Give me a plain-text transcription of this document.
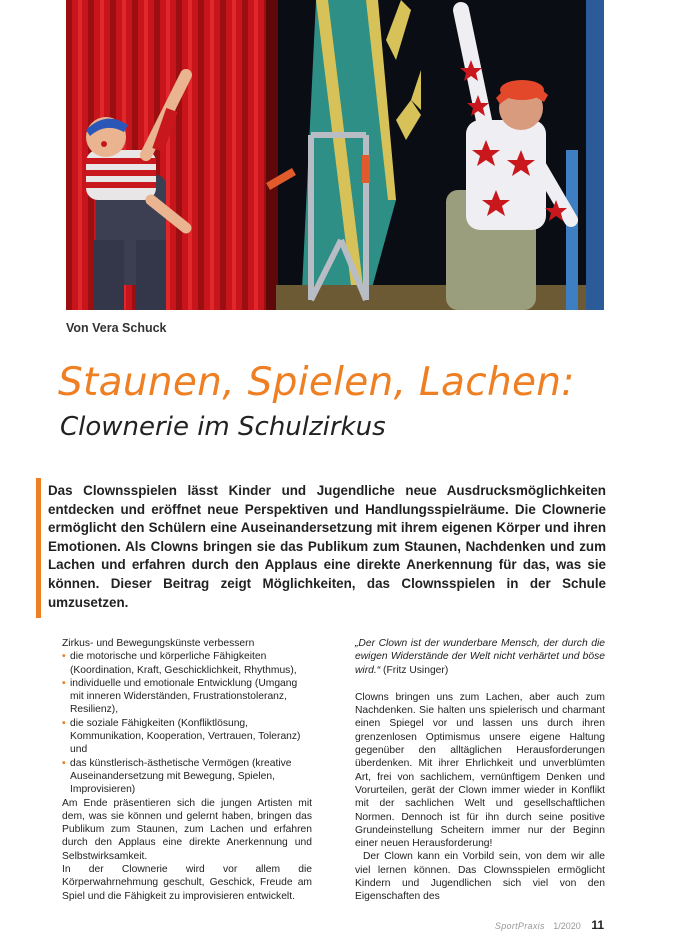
Von Vera Schuck
Staunen, Spielen, Lachen:
Clownerie im Schulzirkus

Das Clownsspielen lässt Kinder und Jugendliche neue Ausdrucksmöglichkeiten entdecken und eröffnet neue Perspektiven und Handlungsspielräume. Die Clownerie ermöglicht den Schülern eine Auseinandersetzung mit ihrem eigenen Körper und ihren Emotionen. Als Clowns bringen sie das Publikum zum Staunen, Nachdenken und zum Lachen und erfahren durch den Applaus eine direkte Anerkennung für das, was sie können. Dieser Beitrag zeigt Möglichkeiten, das Clownsspielen in der Schule umzusetzen.

Zirkus- und Bewegungskünste verbessern

• die motorische und körperliche Fähigkeiten (Koordination, Kraft, Geschicklichkeit, Rhythmus),
• individuelle und emotionale Entwicklung (Umgang mit inneren Widerständen, Frustrationstoleranz, Resilienz),
• die soziale Fähigkeiten (Konfliktlösung, Kommunikation, Kooperation, Vertrauen, Toleranz) und
• das künstlerisch-ästhetische Vermögen (kreative Auseinandersetzung mit Bewegung, Spielen, Improvisieren)

Am Ende präsentieren sich die jungen Artisten mit dem, was sie können und gelernt haben, bringen das Publikum zum Staunen, zum Lachen und erfahren durch den Applaus eine direkte Anerkennung und Selbstwirksamkeit.

In der Clownerie wird vor allem die Körperwahrnehmung geschult, Geschick, Freude am Spiel und die Fähigkeit zu improvisieren entwickelt.

„Der Clown ist der wunderbare Mensch, der durch die ewigen Widerstände der Welt nicht verhärtet und böse wird.“ (Fritz Usinger)

Clowns bringen uns zum Lachen, aber auch zum Nachdenken. Sie halten uns spielerisch und charmant einen Spiegel vor und lassen uns durch ihren grenzenlosen Optimismus unsere eigene Haltung gegenüber den alltäglichen Herausforderungen überdenken. Mit ihrer Ehrlichkeit und unverblümten Art, frei von sachlichem, vernünftigem Denken und Vorurteilen, gerät der Clown immer wieder in Konflikt mit der sachlichen Welt und gesellschaftlichen Normen. Dennoch ist für ihn durch seine positive Grundeinstellung Scheitern immer nur der Beginn einer neuen Herausforderung!

Der Clown kann ein Vorbild sein, von dem wir alle viel lernen können. Das Clownsspielen ermöglicht Kindern und Jugendlichen sich viel von den Eigenschaften des

SportPraxis 1/2020 11
